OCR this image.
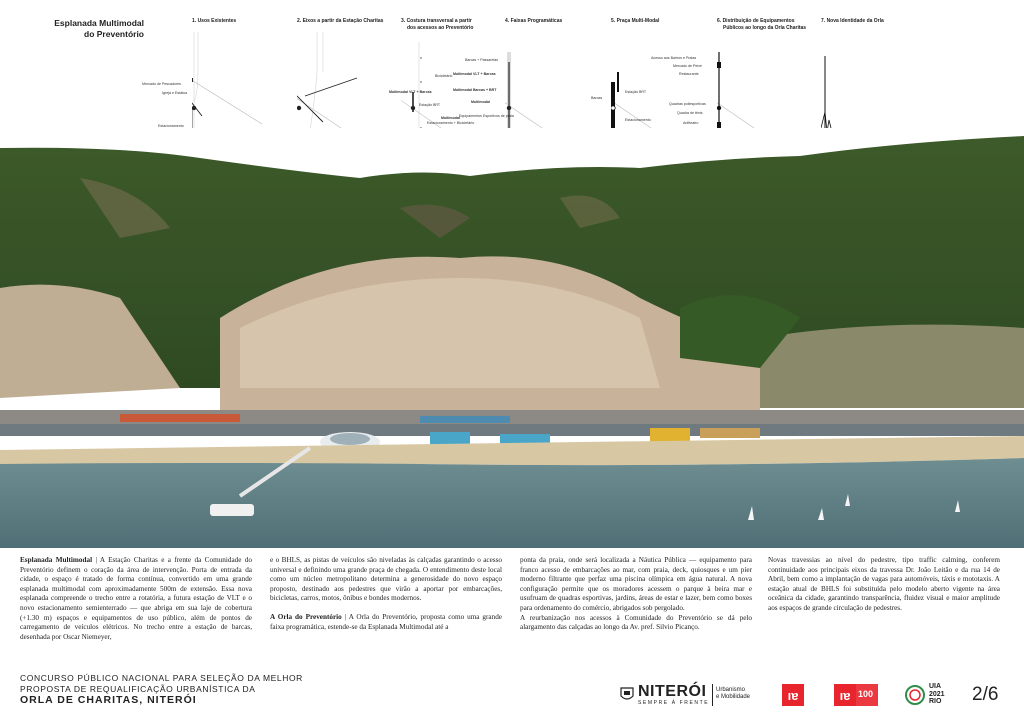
Esplanada Multimodal
do Preventório
1. Usos Existentes
Mercado de Pescadores
Igreja e Estátua
Estacionamento
2. Eixos a partir da Estação Charitas	3. Costura transversal a partir
dos acessos ao Preventório
Bicicletário
Multimodal VLT + Barcas
Estação BRT
Multimodal
Estacionamento + Bicicletário
4. Faixas Programáticas
Barcas + Passarelas
Multimodal VLT + Barcas
Multimodal Barcas + BRT
Multimodal
Equipamentos Esportivos de praia
5. Praça Multi-Modal
Barcas
Estação BRT
Estacionamento
6. Distribuição de Equipamentos
Públicos ao longo da Orla Charitas
Acesso aos Bairros e Praias
Mercado de Peixe
Restaurante
Quadras poliesportivas
Quadra de tênis
Anfiteatro
7. Nova Identidade da Orla

Esplanada Multimodal | A Estação Charitas e a frente da Comunidade do Preventório definem o coração da área de intervenção. Porta de entrada da cidade, o espaço é tratado de forma contínua, convertido em uma grande esplanada multimodal com aproximadamente 500m de extensão. Essa nova esplanada compreende o trecho entre a rotatória, a futura estação de VLT e o novo estacionamento semienterrado — que abriga em sua laje de cobertura (+1.30 m) espaços e equipamentos de uso público, além de pontos de carregamento de veículos elétricos. No trecho entre a estação de barcas, desenhada por Oscar Niemeyer,

e o BHLS, as pistas de veículos são niveladas às calçadas garantindo o acesso universal e definindo uma grande praça de chegada. O entendimento deste local como um núcleo metropolitano determina a generosidade do novo espaço proposto, destinado aos pedestres que virão a aportar por embarcações, bicicletas, carros, motos, ônibus e bondes modernos.

A Orla do Preventório | A Orla do Preventório, proposta como uma grande faixa programática, estende-se da Esplanada Multimodal até a

ponta da praia, onde será localizada a Náutica Pública — equipamento para franco acesso de embarcações ao mar, com praia, deck, quiosques e um píer moderno filtrante que perfaz uma piscina olímpica em água natural. A nova configuração permite que os moradores acessem o parque à beira mar e usufruam de quadras esportivas, jardins, áreas de estar e lazer, bem como boxes para ordenamento do comércio, abrigados sob pergolado.

A reurbanização nos acessos à Comunidade do Preventório se dá pelo alargamento das calçadas ao longo da Av. pref. Silvio Picanço.

Novas travessias ao nível do pedestre, tipo traffic calming, conferem continuidade aos principais eixos da travessa Dr. João Leitão e da rua 14 de Abril, bem como a implantação de vagas para automóveis, táxis e mototaxis. A estação atual de BHLS foi substituída pelo modelo aberto vigente na área oceânica da cidade, garantindo transparência, fluidez visual e maior amplitude aos espaços de grande circulação de pedestres.

CONCURSO PÚBLICO NACIONAL PARA SELEÇÃO DA MELHOR
PROPOSTA DE REQUALIFICAÇÃO URBANÍSTICA DA
ORLA DE CHARITAS, NITERÓI	NITERÓI
SEMPRE À FRENTE
Urbanismo
e Mobilidade	ıɐ	ıɐ 100
UIA
2021
RIO 2/6
